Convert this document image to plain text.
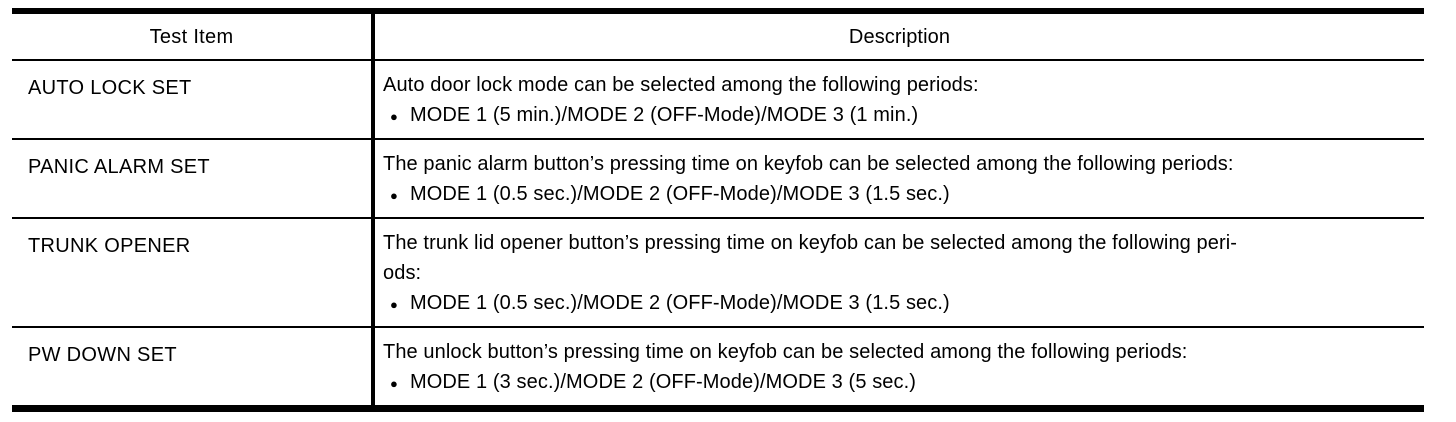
Test Item	Description
AUTO LOCK SET	Auto door lock mode can be selected among the following periods:
● MODE 1 (5 min.)/MODE 2 (OFF-Mode)/MODE 3 (1 min.)
PANIC ALARM SET	The panic alarm button’s pressing time on keyfob can be selected among the following periods:
● MODE 1 (0.5 sec.)/MODE 2 (OFF-Mode)/MODE 3 (1.5 sec.)
TRUNK OPENER	The trunk lid opener button’s pressing time on keyfob can be selected among the following peri-
ods:
● MODE 1 (0.5 sec.)/MODE 2 (OFF-Mode)/MODE 3 (1.5 sec.)
PW DOWN SET	The unlock button’s pressing time on keyfob can be selected among the following periods:
● MODE 1 (3 sec.)/MODE 2 (OFF-Mode)/MODE 3 (5 sec.)
